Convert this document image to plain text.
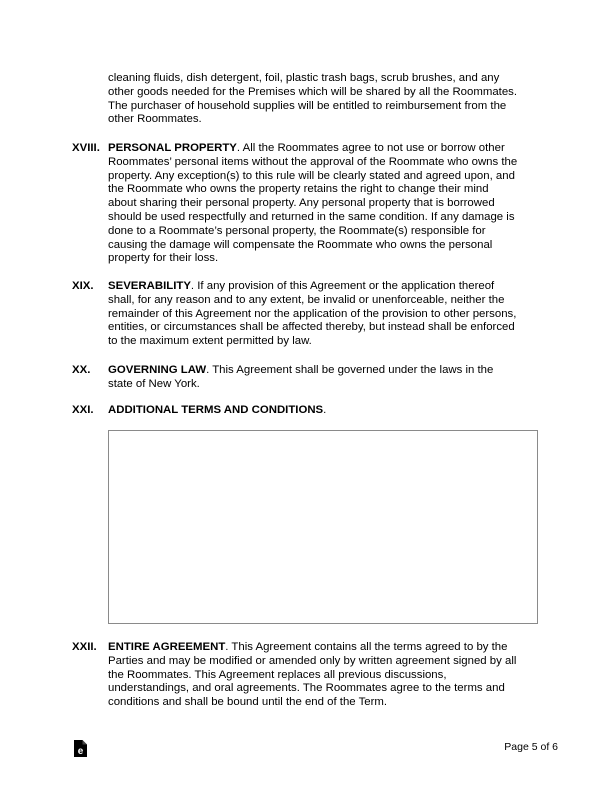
cleaning fluids, dish detergent, foil, plastic trash bags, scrub brushes, and any
other goods needed for the Premises which will be shared by all the Roommates.
The purchaser of household supplies will be entitled to reimbursement from the
other Roommates.
XVIII. PERSONAL PROPERTY. All the Roommates agree to not use or borrow other
Roommates’ personal items without the approval of the Roommate who owns the
property. Any exception(s) to this rule will be clearly stated and agreed upon, and
the Roommate who owns the property retains the right to change their mind
about sharing their personal property. Any personal property that is borrowed
should be used respectfully and returned in the same condition. If any damage is
done to a Roommate’s personal property, the Roommate(s) responsible for
causing the damage will compensate the Roommate who owns the personal
property for their loss.
XIX. SEVERABILITY. If any provision of this Agreement or the application thereof
shall, for any reason and to any extent, be invalid or unenforceable, neither the
remainder of this Agreement nor the application of the provision to other persons,
entities, or circumstances shall be affected thereby, but instead shall be enforced
to the maximum extent permitted by law.
XX. GOVERNING LAW. This Agreement shall be governed under the laws in the
state of New York.
XXI. ADDITIONAL TERMS AND CONDITIONS.
XXII. ENTIRE AGREEMENT. This Agreement contains all the terms agreed to by the
Parties and may be modified or amended only by written agreement signed by all
the Roommates. This Agreement replaces all previous discussions,
understandings, and oral agreements. The Roommates agree to the terms and
conditions and shall be bound until the end of the Term.
e	Page 5 of 6
